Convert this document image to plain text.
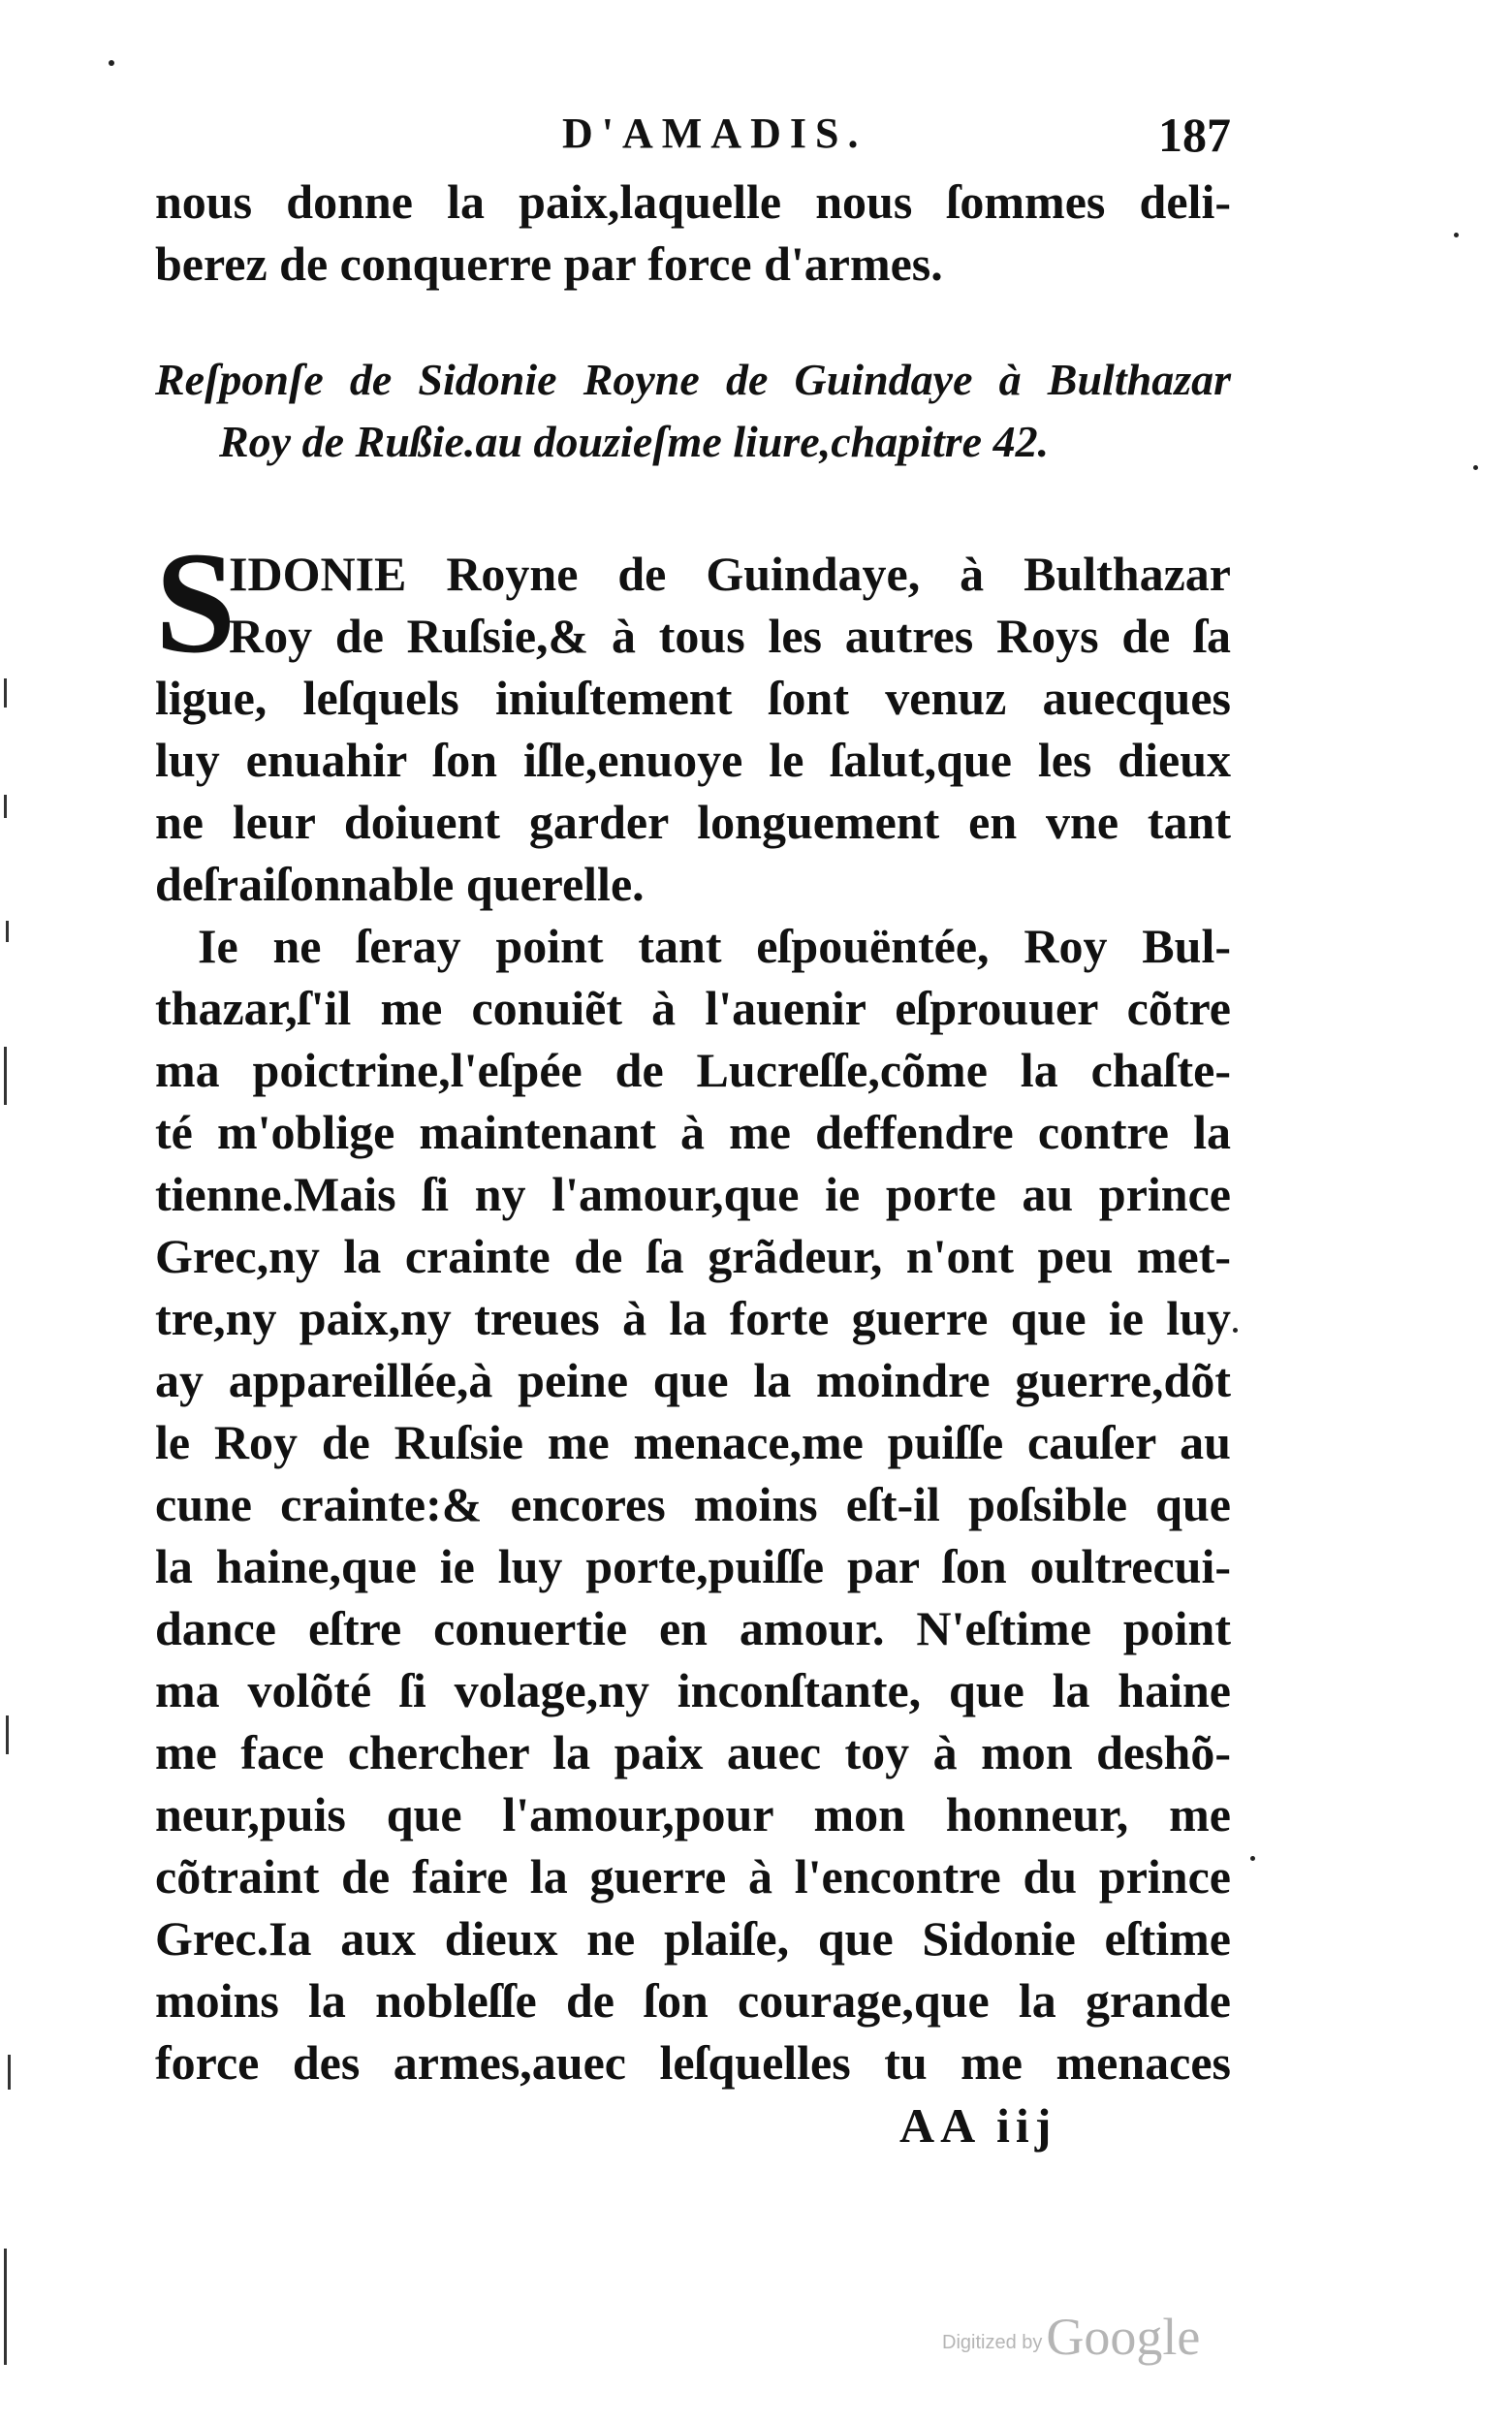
D'AMADIS.	187
nous donne la paix,laquelle nous ſommes deli-
berez de conquerre par force d'armes.
Reſponſe de Sidonie Royne de Guindaye à Bulthazar
Roy de Rußie.au douzieſme liure,chapitre 42.
S
IDONIE Royne de Guindaye, à Bulthazar
Roy de Ruſsie,& à tous les autres Roys de ſa
ligue, leſquels iniuſtement ſont venuz auecques
luy enuahir ſon iſle,enuoye le ſalut,que les dieux
ne leur doiuent garder longuement en vne tant
deſraiſonnable querelle.
Ie ne ſeray point tant eſpouëntée, Roy Bul-
thazar,ſ'il me conuiẽt à l'auenir eſprouuer cõtre
ma poictrine,l'eſpée de Lucreſſe,cõme la chaſte-
té m'oblige maintenant à me deffendre contre la
tienne.Mais ſi ny l'amour,que ie porte au prince
Grec,ny la crainte de ſa grãdeur, n'ont peu met-
tre,ny paix,ny treues à la forte guerre que ie luy
ay appareillée,à peine que la moindre guerre,dõt
le Roy de Ruſsie me menace,me puiſſe cauſer au
cune crainte:& encores moins eſt-il poſsible que
la haine,que ie luy porte,puiſſe par ſon oultrecui-
dance eſtre conuertie en amour. N'eſtime point
ma volõté ſi volage,ny inconſtante, que la haine
me face chercher la paix auec toy à mon deshõ-
neur,puis que l'amour,pour mon honneur, me
cõtraint de faire la guerre à l'encontre du prince
Grec.Ia aux dieux ne plaiſe, que Sidonie eſtime
moins la nobleſſe de ſon courage,que la grande
force des armes,auec leſquelles tu me menaces
AA iij
Digitized by Google
